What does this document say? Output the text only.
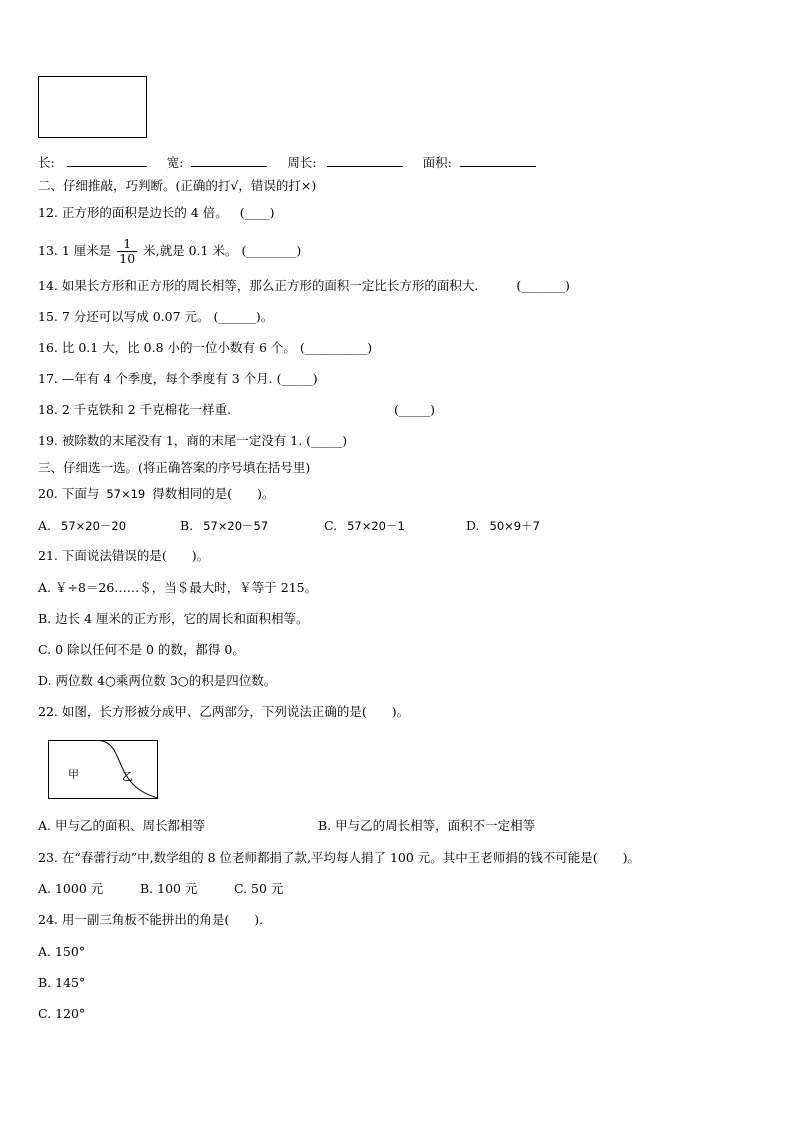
长:	宽:	周长:	面积:
二、仔细推敲，巧判断。(正确的打√，错误的打×)
12. 正方形的面积是边长的 4 倍。 (____)
13. 1 厘米是 $\frac{1}{10}$ 米,就是 0.1 米。 (________)
14. 如果长方形和正方形的周长相等，那么正方形的面积一定比长方形的面积大.	(_______)
15. 7 分还可以写成 0.07 元。 (______)。
16. 比 0.1 大，比 0.8 小的一位小数有 6 个。 (__________)
17. —年有 4 个季度，每个季度有 3 个月. (_____)
18. 2 千克铁和 2 千克棉花一样重.	(_____)
19. 被除数的末尾没有 1，商的末尾一定没有 1. (_____)
三、仔细选一选。(将正确答案的序号填在括号里)
20. 下面与 57×19 得数相同的是(　　)。
A. 57×20－20	B. 57×20－57	C. 57×20－1	D. 50×9＋7
21. 下面说法错误的是(　　)。
A. ￥÷8＝26……＄，当＄最大时，￥等于 215。
B. 边长 4 厘米的正方形，它的周长和面积相等。
C. 0 除以任何不是 0 的数，都得 0。
D. 两位数 4○乘两位数 3○的积是四位数。
22. 如图，长方形被分成甲、乙两部分，下列说法正确的是(　　)。
甲	乙
A. 甲与乙的面积、周长都相等	B. 甲与乙的周长相等，面积不一定相等
23. 在“春蕾行动”中,数学组的 8 位老师都捐了款,平均每人捐了 100 元。其中王老师捐的钱不可能是(　　)。
A. 1000 元	B. 100 元	C. 50 元
24. 用一副三角板不能拼出的角是(　　).
A. 150°
B. 145°
C. 120°
